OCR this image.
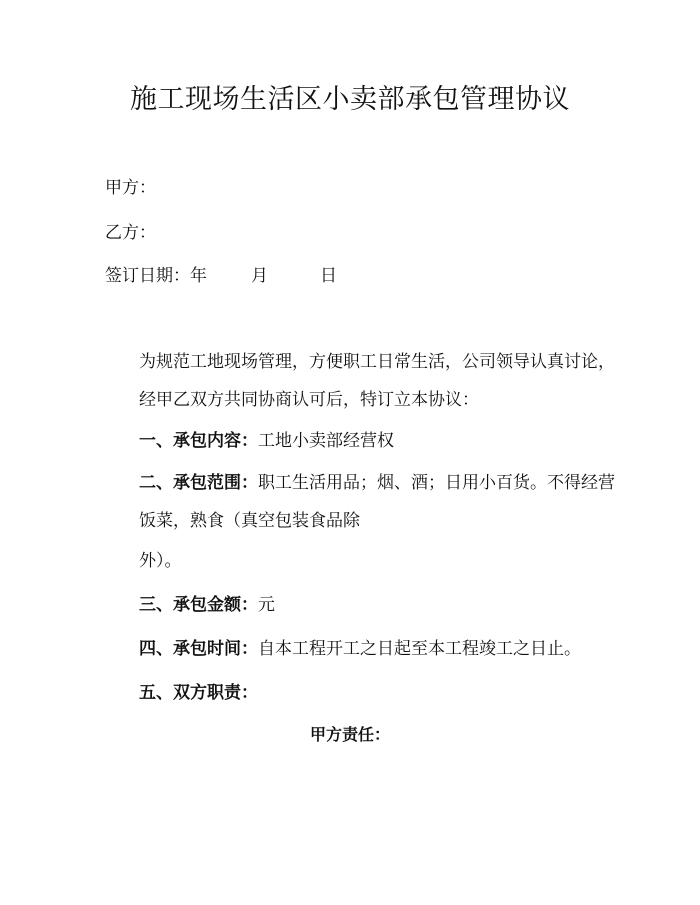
施工现场生活区小卖部承包管理协议
甲方：
乙方：
签订日期：年	月	日
为规范工地现场管理，方便职工日常生活，公司领导认真讨论，经甲乙双方共同协商认可后，特订立本协议：
一、承包内容：工地小卖部经营权
二、承包范围：职工生活用品；烟、酒；日用小百货。不得经营饭菜，熟食（真空包装食品除
外）。
三、承包金额：元
四、承包时间：自本工程开工之日起至本工程竣工之日止。
五、双方职责：
甲方责任：
